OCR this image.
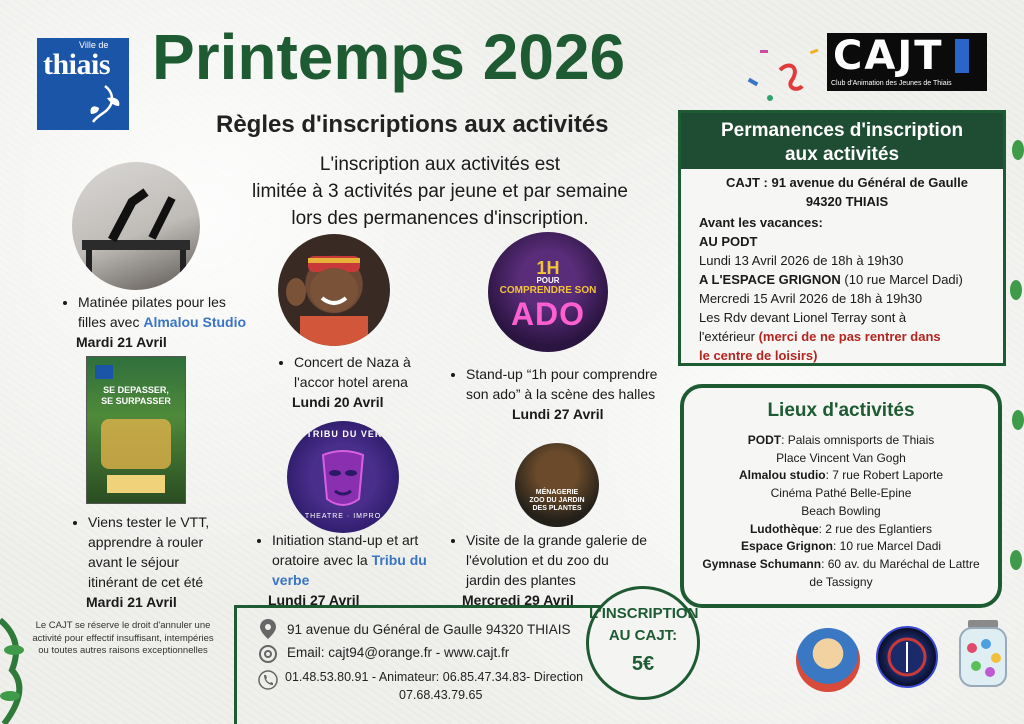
Ville de
thiais Printemps 2026	CAJT
Club d'Animation des Jeunes de Thiais
Règles d'inscriptions aux activités
L'inscription aux activités est
limitée à 3 activités par jeune et par semaine
lors des permanences d'inscription.
1H
POUR
COMPRENDRE SON
ADO
SE DEPASSER,
SE SURPASSER
LA TRIBU DU VERBE
THEATRE · IMPRO
MÉNAGERIE
ZOO DU JARDIN
DES PLANTES
• Matinée pilates pour les
filles avec Almalou Studio
Mardi 21 Avril
• Concert de Naza à
l'accor hotel arena
Lundi 20 Avril
• Stand-up “1h pour comprendre
son ado” à la scène des halles
Lundi 27 Avril
• Viens tester le VTT,
apprendre à rouler
avant le séjour
itinérant de cet été
Mardi 21 Avril
• Initiation stand-up et art
oratoire avec la Tribu du
verbe
Lundi 27 Avril
• Visite de la grande galerie de
l'évolution et du zoo du
jardin des plantes
Mercredi 29 Avril
Permanences d'inscription
aux activités
CAJT : 91 avenue du Général de Gaulle
94320 THIAIS
Avant les vacances:
AU PODT
Lundi 13 Avril 2026 de 18h à 19h30
A L'ESPACE GRIGNON (10 rue Marcel Dadi)
Mercredi 15 Avril 2026 de 18h à 19h30
Les Rdv devant Lionel Terray sont à
l'extérieur (merci de ne pas rentrer dans
le centre de loisirs)
Lieux d'activités
PODT: Palais omnisports de Thiais
Place Vincent Van Gogh
Almalou studio: 7 rue Robert Laporte
Cinéma Pathé Belle-Epine
Beach Bowling
Ludothèque: 2 rue des Eglantiers
Espace Grignon: 10 rue Marcel Dadi
Gymnase Schumann: 60 av. du Maréchal de Lattre
de Tassigny
Le CAJT se réserve le droit d'annuler une activité pour effectif insuffisant, intempéries ou toutes autres raisons exceptionnelles
91 avenue du Général de Gaulle 94320 THIAIS
Email: cajt94@orange.fr - www.cajt.fr
01.48.53.80.91 - Animateur: 06.85.47.34.83- Direction
07.68.43.79.65
L'INSCRIPTION
AU CAJT:
5€
